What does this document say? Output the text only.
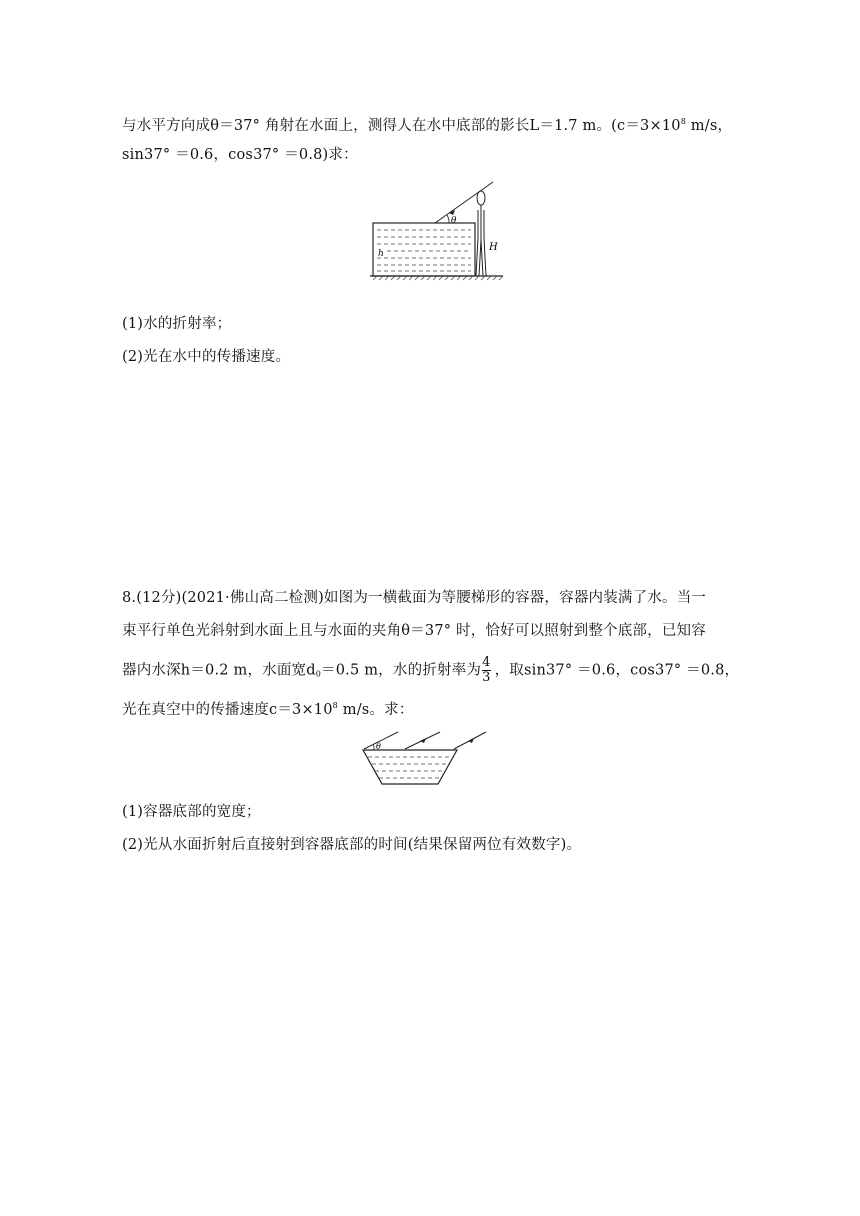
与水平方向成θ＝37° 角射在水面上，测得人在水中底部的影长L＝1.7 m。($c=3\times 10^8$ m/s，
sin37° ＝0.6，cos37° ＝0.8)求：
θ
h
H
(1)水的折射率；
(2)光在水中的传播速度。
8.(12分)(2021·佛山高二检测)如图为一横截面为等腰梯形的容器，容器内装满了水。当一
束平行单色光斜射到水面上且与水面的夹角θ＝37° 时，恰好可以照射到整个底部，已知容
器内水深h＝0.2 m，水面宽$d_0=0.5$ m，水的折射率为 $\frac{4}{3}$ ，取sin37° ＝0.6，cos37° ＝0.8，
光在真空中的传播速度$c=3\times 10^8$ m/s。求：
θ
(1)容器底部的宽度；
(2)光从水面折射后直接射到容器底部的时间(结果保留两位有效数字)。
